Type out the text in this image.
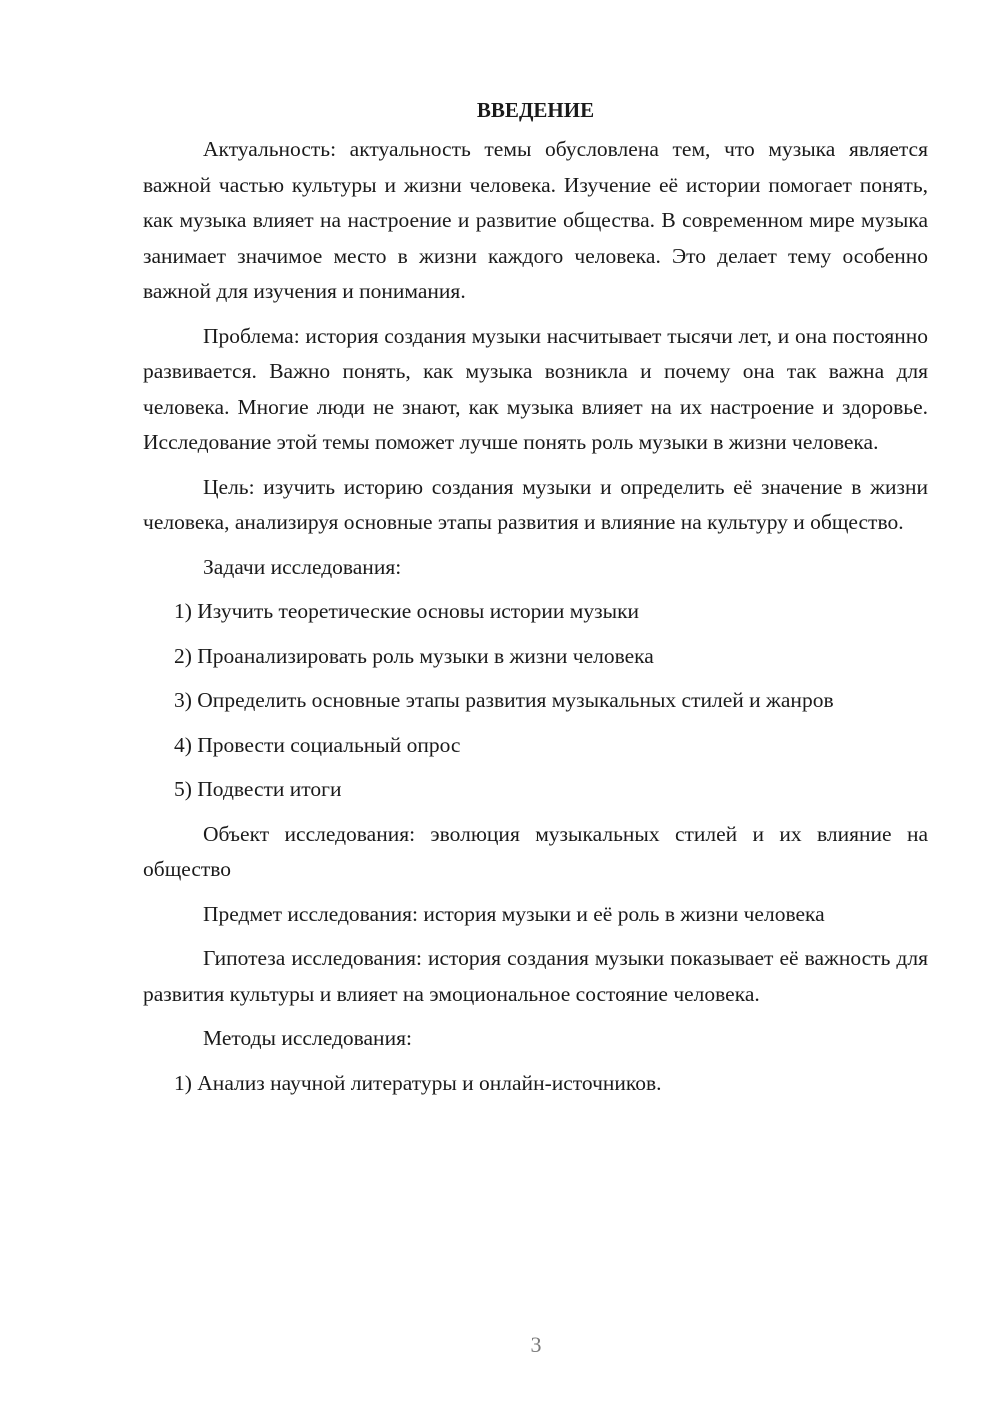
ВВЕДЕНИЕ

Актуальность: актуальность темы обусловлена тем, что музыка является важной частью культуры и жизни человека. Изучение её истории помогает понять, как музыка влияет на настроение и развитие общества. В современном мире музыка занимает значимое место в жизни каждого человека. Это делает тему особенно важной для изучения и понимания.

Проблема: история создания музыки насчитывает тысячи лет, и она постоянно развивается. Важно понять, как музыка возникла и почему она так важна для человека. Многие люди не знают, как музыка влияет на их настроение и здоровье. Исследование этой темы поможет лучше понять роль музыки в жизни человека.

Цель: изучить историю создания музыки и определить её значение в жизни человека, анализируя основные этапы развития и влияние на культуру и общество.

Задачи исследования:

1) Изучить теоретические основы истории музыки

2) Проанализировать роль музыки в жизни человека

3) Определить основные этапы развития музыкальных стилей и жанров

4) Провести социальный опрос

5) Подвести итоги

Объект исследования: эволюция музыкальных стилей и их влияние на общество

Предмет исследования: история музыки и её роль в жизни человека

Гипотеза исследования: история создания музыки показывает её важность для развития культуры и влияет на эмоциональное состояние человека.

Методы исследования:

1) Анализ научной литературы и онлайн-источников.

3
